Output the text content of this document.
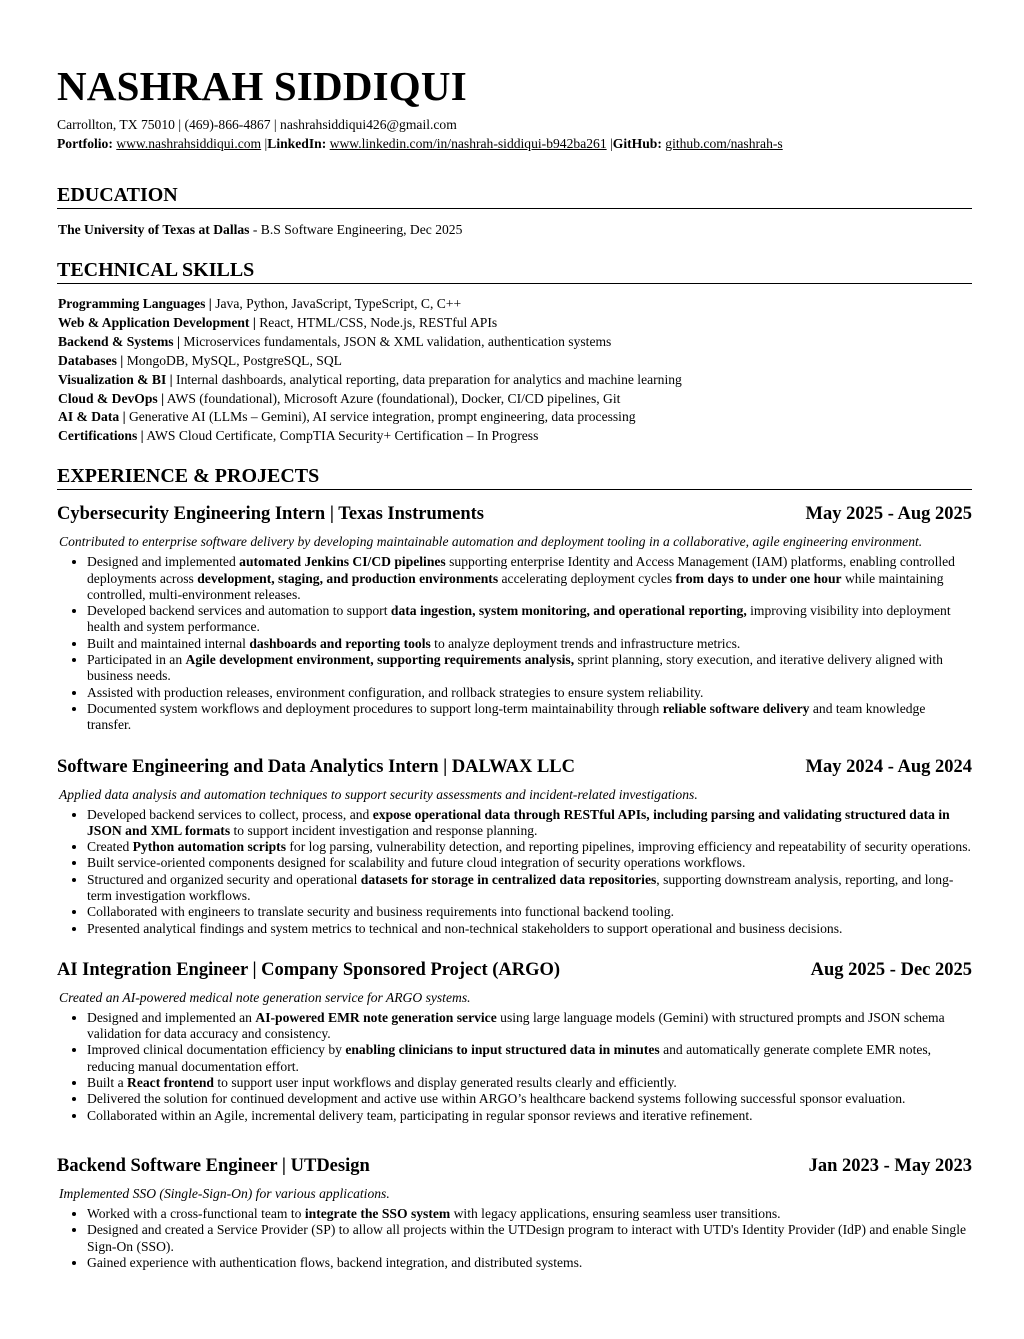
NASHRAH SIDDIQUI
Carrollton, TX 75010 | (469)-866-4867 | nashrahsiddiqui426@gmail.com
Portfolio: www.nashrahsiddiqui.com |LinkedIn: www.linkedin.com/in/nashrah-siddiqui-b942ba261 |GitHub: github.com/nashrah-s
EDUCATION
The University of Texas at Dallas - B.S Software Engineering, Dec 2025
TECHNICAL SKILLS
Programming Languages | Java, Python, JavaScript, TypeScript, C, C++
Web & Application Development | React, HTML/CSS, Node.js, RESTful APIs
Backend & Systems | Microservices fundamentals, JSON & XML validation, authentication systems
Databases | MongoDB, MySQL, PostgreSQL, SQL
Visualization & BI | Internal dashboards, analytical reporting, data preparation for analytics and machine learning
Cloud & DevOps | AWS (foundational), Microsoft Azure (foundational), Docker, CI/CD pipelines, Git
AI & Data | Generative AI (LLMs – Gemini), AI service integration, prompt engineering, data processing
Certifications | AWS Cloud Certificate, CompTIA Security+ Certification – In Progress
EXPERIENCE & PROJECTS
Cybersecurity Engineering Intern | Texas Instruments	May 2025 - Aug 2025
Contributed to enterprise software delivery by developing maintainable automation and deployment tooling in a collaborative, agile engineering environment.
• Designed and implemented automated Jenkins CI/CD pipelines supporting enterprise Identity and Access Management (IAM) platforms, enabling controlled deployments across development, staging, and production environments accelerating deployment cycles from days to under one hour while maintaining controlled, multi-environment releases.
• Developed backend services and automation to support data ingestion, system monitoring, and operational reporting, improving visibility into deployment health and system performance.
• Built and maintained internal dashboards and reporting tools to analyze deployment trends and infrastructure metrics.
• Participated in an Agile development environment, supporting requirements analysis, sprint planning, story execution, and iterative delivery aligned with business needs.
• Assisted with production releases, environment configuration, and rollback strategies to ensure system reliability.
• Documented system workflows and deployment procedures to support long-term maintainability through reliable software delivery and team knowledge transfer.
Software Engineering and Data Analytics Intern | DALWAX LLC	May 2024 - Aug 2024
Applied data analysis and automation techniques to support security assessments and incident-related investigations.
• Developed backend services to collect, process, and expose operational data through RESTful APIs, including parsing and validating structured data in JSON and XML formats to support incident investigation and response planning.
• Created Python automation scripts for log parsing, vulnerability detection, and reporting pipelines, improving efficiency and repeatability of security operations.
• Built service-oriented components designed for scalability and future cloud integration of security operations workflows.
• Structured and organized security and operational datasets for storage in centralized data repositories, supporting downstream analysis, reporting, and long-term investigation workflows.
• Collaborated with engineers to translate security and business requirements into functional backend tooling.
• Presented analytical findings and system metrics to technical and non-technical stakeholders to support operational and business decisions.
AI Integration Engineer | Company Sponsored Project (ARGO)	Aug 2025 - Dec 2025
Created an AI-powered medical note generation service for ARGO systems.
• Designed and implemented an AI-powered EMR note generation service using large language models (Gemini) with structured prompts and JSON schema validation for data accuracy and consistency.
• Improved clinical documentation efficiency by enabling clinicians to input structured data in minutes and automatically generate complete EMR notes, reducing manual documentation effort.
• Built a React frontend to support user input workflows and display generated results clearly and efficiently.
• Delivered the solution for continued development and active use within ARGO’s healthcare backend systems following successful sponsor evaluation.
• Collaborated within an Agile, incremental delivery team, participating in regular sponsor reviews and iterative refinement.
Backend Software Engineer | UTDesign	Jan 2023 - May 2023
Implemented SSO (Single-Sign-On) for various applications.
• Worked with a cross-functional team to integrate the SSO system with legacy applications, ensuring seamless user transitions.
• Designed and created a Service Provider (SP) to allow all projects within the UTDesign program to interact with UTD's Identity Provider (IdP) and enable Single Sign-On (SSO).
• Gained experience with authentication flows, backend integration, and distributed systems.
